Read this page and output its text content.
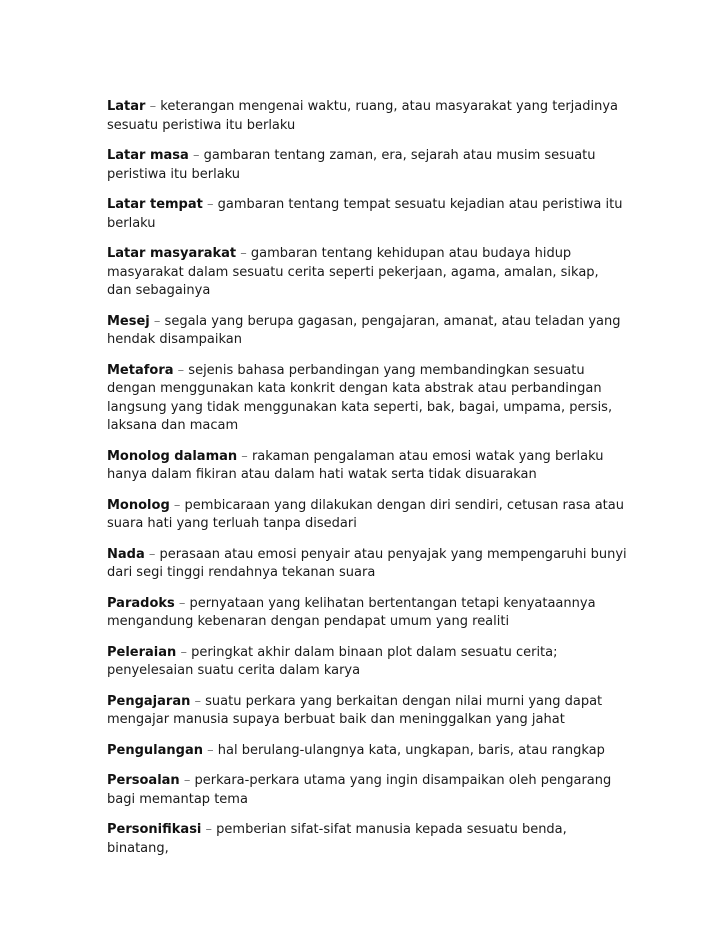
Latar – keterangan mengenai waktu, ruang, atau masyarakat yang terjadinya sesuatu peristiwa itu berlaku

Latar masa – gambaran tentang zaman, era, sejarah atau musim sesuatu peristiwa itu berlaku

Latar tempat – gambaran tentang tempat sesuatu kejadian atau peristiwa itu berlaku

Latar masyarakat – gambaran tentang kehidupan atau budaya hidup masyarakat dalam sesuatu cerita seperti pekerjaan, agama, amalan, sikap, dan sebagainya

Mesej – segala yang berupa gagasan, pengajaran, amanat, atau teladan yang hendak disampaikan

Metafora – sejenis bahasa perbandingan yang membandingkan sesuatu dengan menggunakan kata konkrit dengan kata abstrak atau perbandingan langsung yang tidak menggunakan kata seperti, bak, bagai, umpama, persis, laksana dan macam

Monolog dalaman – rakaman pengalaman atau emosi watak yang berlaku hanya dalam fikiran atau dalam hati watak serta tidak disuarakan

Monolog – pembicaraan yang dilakukan dengan diri sendiri, cetusan rasa atau suara hati yang terluah tanpa disedari

Nada – perasaan atau emosi penyair atau penyajak yang mempengaruhi bunyi dari segi tinggi rendahnya tekanan suara

Paradoks – pernyataan yang kelihatan bertentangan tetapi kenyataannya mengandung kebenaran dengan pendapat umum yang realiti

Peleraian – peringkat akhir dalam binaan plot dalam sesuatu cerita; penyelesaian suatu cerita dalam karya

Pengajaran – suatu perkara yang berkaitan dengan nilai murni yang dapat mengajar manusia supaya berbuat baik dan meninggalkan yang jahat

Pengulangan – hal berulang-ulangnya kata, ungkapan, baris, atau rangkap

Persoalan – perkara-perkara utama yang ingin disampaikan oleh pengarang bagi memantap tema

Personifikasi – pemberian sifat-sifat manusia kepada sesuatu benda, binatang,
